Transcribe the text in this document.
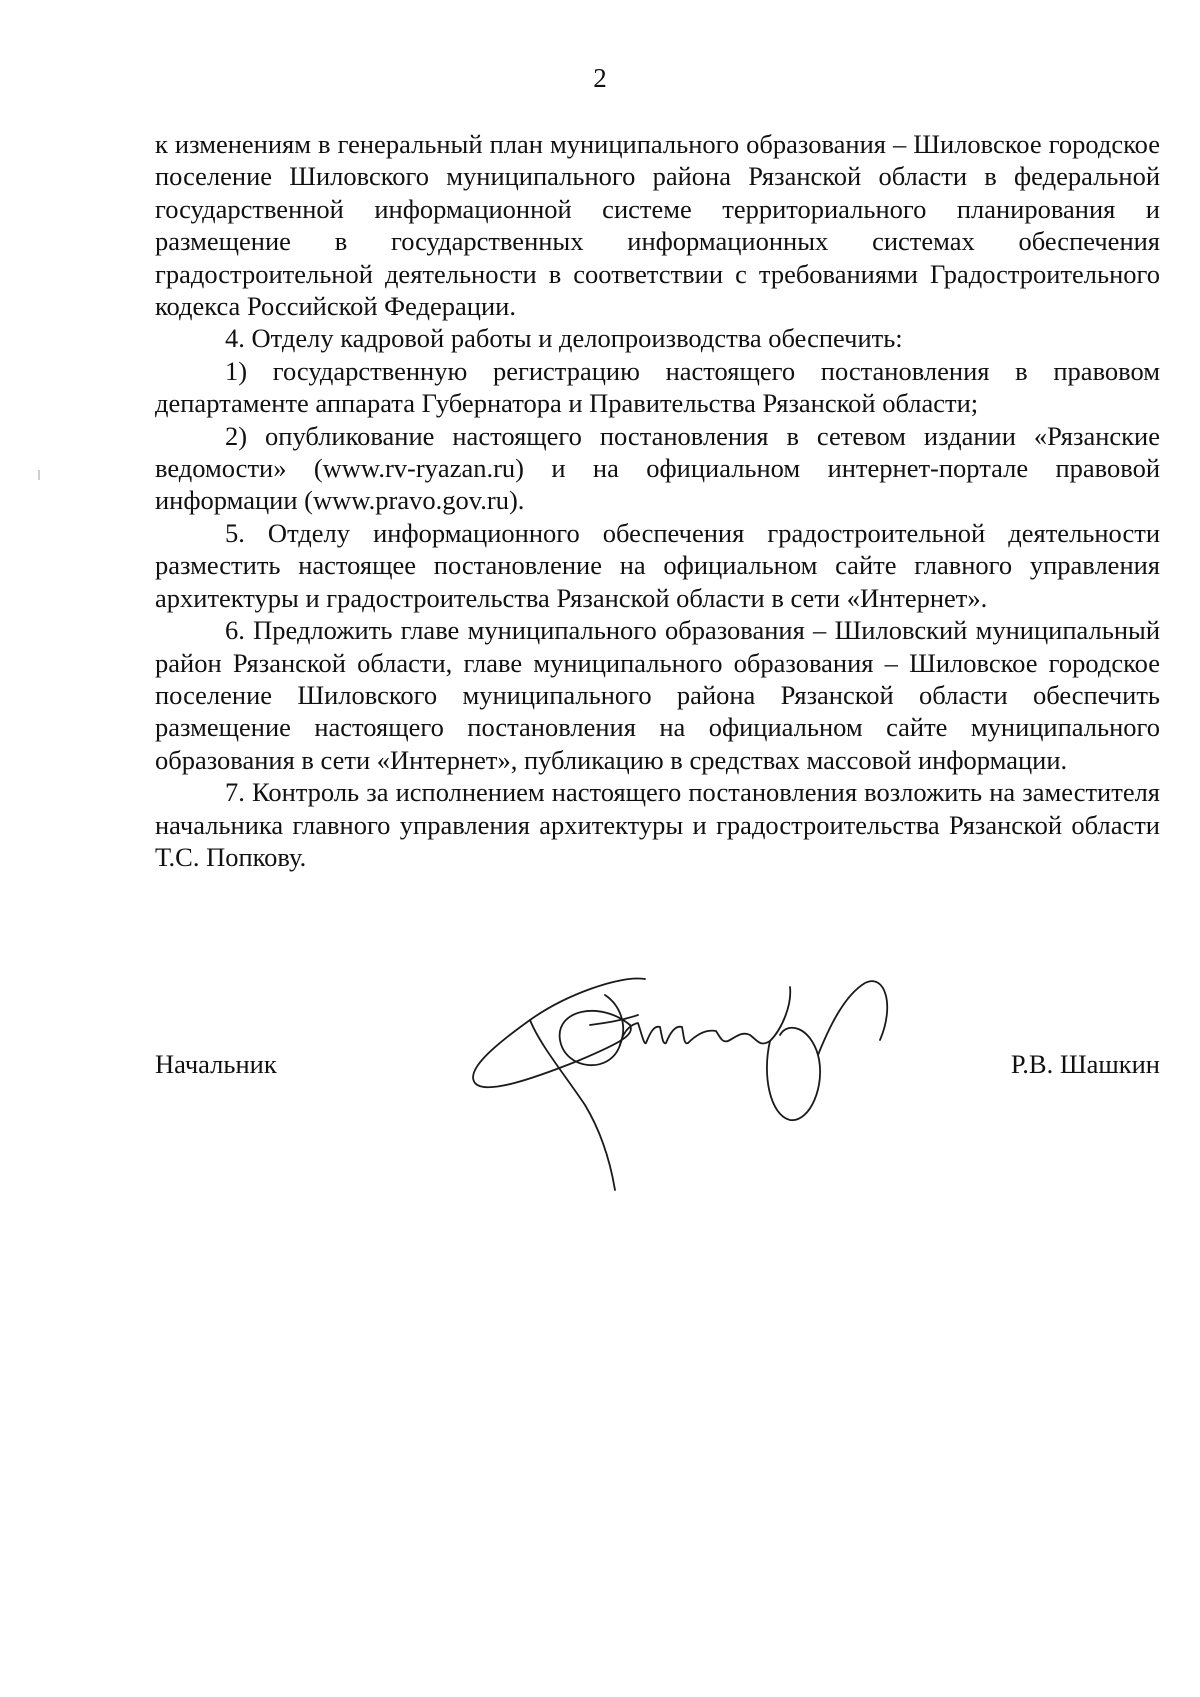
2

к изменениям в генеральный план муниципального образования – Шиловское городское поселение Шиловского муниципального района Рязанской области в федеральной государственной информационной системе территориального планирования и размещение в государственных информационных системах обеспечения градостроительной деятельности в соответствии с требованиями Градостроительного кодекса Российской Федерации.

4. Отделу кадровой работы и делопроизводства обеспечить:

1) государственную регистрацию настоящего постановления в правовом департаменте аппарата Губернатора и Правительства Рязанской области;

2) опубликование настоящего постановления в сетевом издании «Рязанские ведомости» (www.rv-ryazan.ru) и на официальном интернет-портале правовой информации (www.pravo.gov.ru).

5. Отделу информационного обеспечения градостроительной деятельности разместить настоящее постановление на официальном сайте главного управления архитектуры и градостроительства Рязанской области в сети «Интернет».

6. Предложить главе муниципального образования – Шиловский муниципальный район Рязанской области, главе муниципального образования – Шиловское городское поселение Шиловского муниципального района Рязанской области обеспечить размещение настоящего постановления на официальном сайте муниципального образования в сети «Интернет», публикацию в средствах массовой информации.

7. Контроль за исполнением настоящего постановления возложить на заместителя начальника главного управления архитектуры и градостроительства Рязанской области Т.С. Попкову.

Начальник	Р.В. Шашкин
